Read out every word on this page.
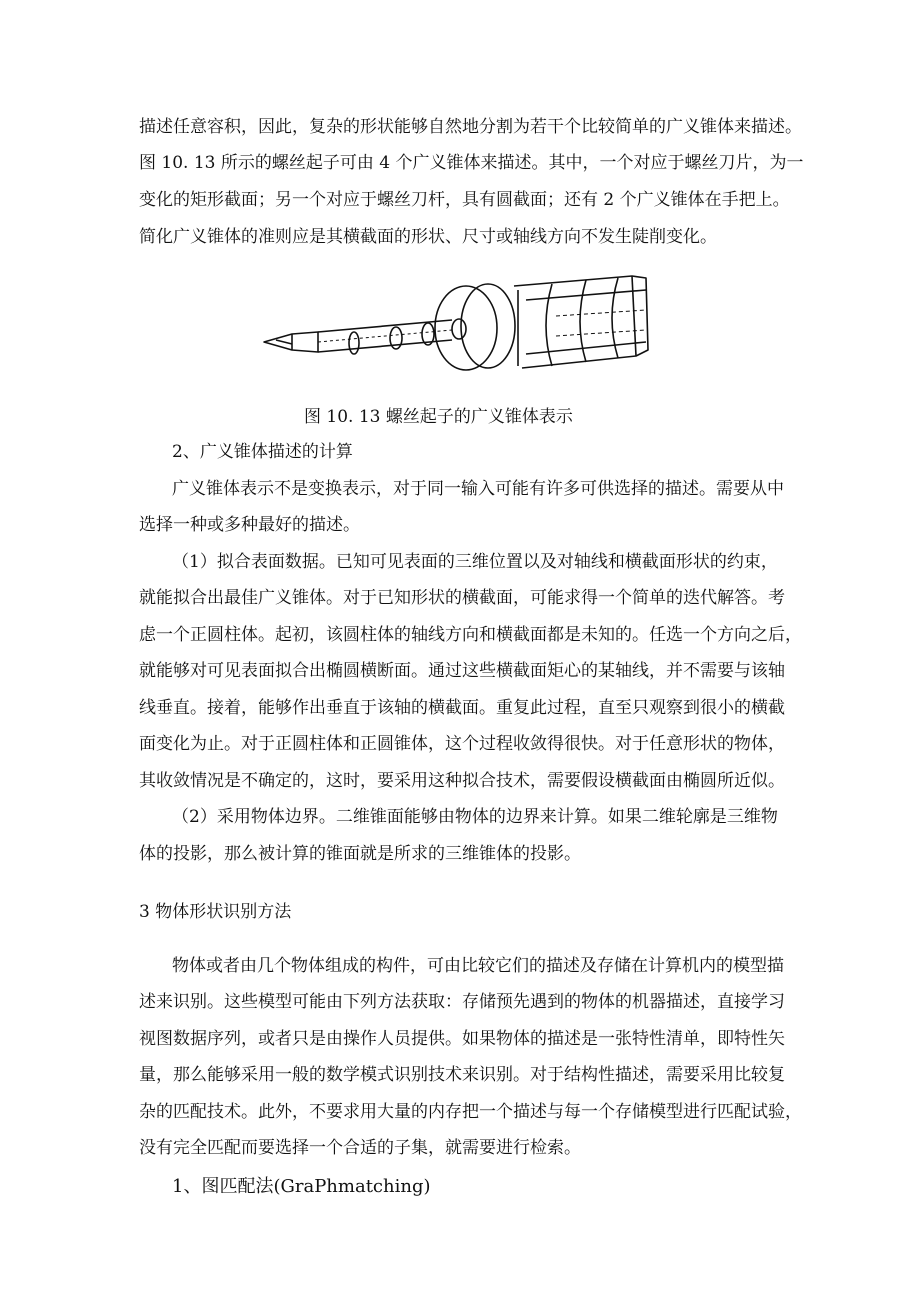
描述任意容积，因此，复杂的形状能够自然地分割为若干个比较简单的广义锥体来描述。
图 10. 13 所示的螺丝起子可由 4 个广义锥体来描述。其中，一个对应于螺丝刀片，为一
变化的矩形截面；另一个对应于螺丝刀杆，具有圆截面；还有 2 个广义锥体在手把上。
简化广义锥体的准则应是其横截面的形状、尺寸或轴线方向不发生陡削变化。
图 10. 13 螺丝起子的广义锥体表示
2、广义锥体描述的计算
广义锥体表示不是变换表示，对于同一输入可能有许多可供选择的描述。需要从中
选择一种或多种最好的描述。
（1）拟合表面数据。已知可见表面的三维位置以及对轴线和横截面形状的约束，
就能拟合出最佳广义锥体。对于已知形状的横截面，可能求得一个简单的迭代解答。考
虑一个正圆柱体。起初，该圆柱体的轴线方向和横截面都是未知的。任选一个方向之后，
就能够对可见表面拟合出椭圆横断面。通过这些横截面矩心的某轴线，并不需要与该轴
线垂直。接着，能够作出垂直于该轴的横截面。重复此过程，直至只观察到很小的横截
面变化为止。对于正圆柱体和正圆锥体，这个过程收敛得很快。对于任意形状的物体，
其收敛情况是不确定的，这时，要采用这种拟合技术，需要假设横截面由椭圆所近似。
（2）采用物体边界。二维锥面能够由物体的边界来计算。如果二维轮廓是三维物
体的投影，那么被计算的锥面就是所求的三维锥体的投影。
3 物体形状识别方法
物体或者由几个物体组成的构件，可由比较它们的描述及存储在计算机内的模型描
述来识别。这些模型可能由下列方法获取：存储预先遇到的物体的机器描述，直接学习
视图数据序列，或者只是由操作人员提供。如果物体的描述是一张特性清单，即特性矢
量，那么能够采用一般的数学模式识别技术来识别。对于结构性描述，需要采用比较复
杂的匹配技术。此外，不要求用大量的内存把一个描述与每一个存储模型进行匹配试验，
没有完全匹配而要选择一个合适的子集，就需要进行检索。
1、图匹配法(GraPhmatching)
